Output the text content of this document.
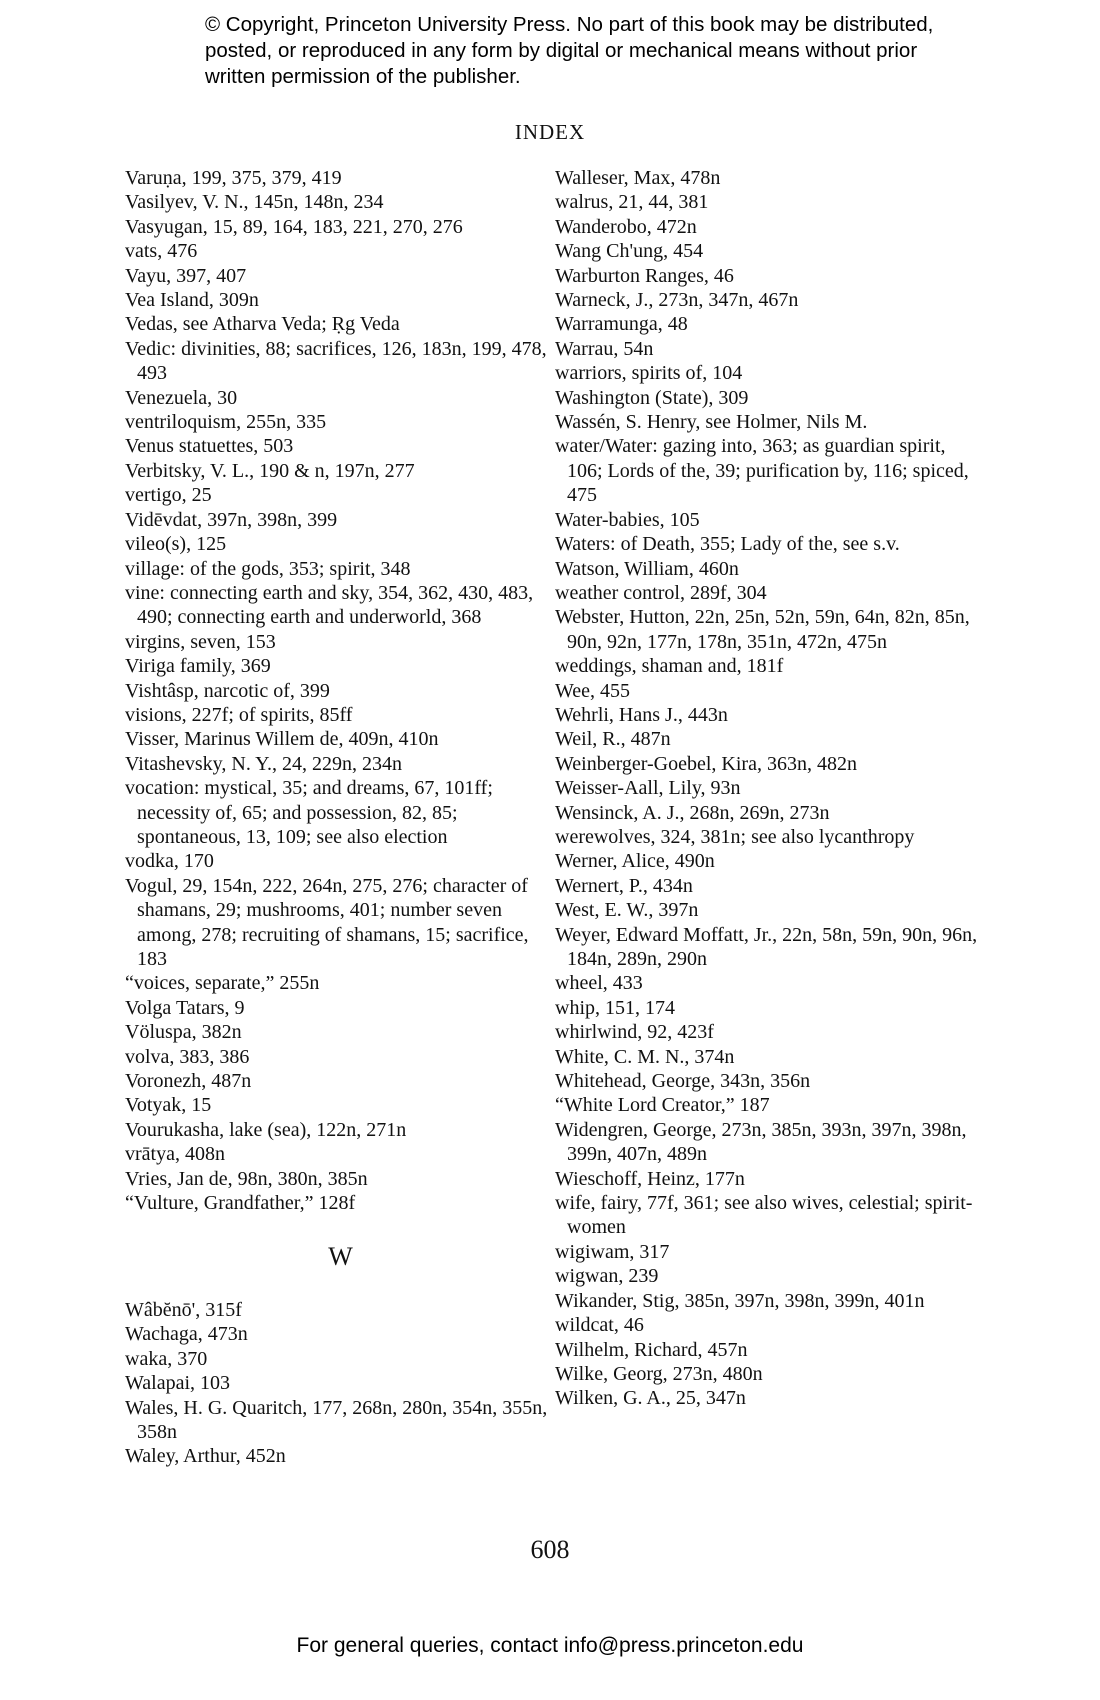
© Copyright, Princeton University Press. No part of this book may be distributed, posted, or reproduced in any form by digital or mechanical means without prior written permission of the publisher.
INDEX
Varuṇa, 199, 375, 379, 419
Vasilyev, V. N., 145n, 148n, 234
Vasyugan, 15, 89, 164, 183, 221, 270, 276
vats, 476
Vayu, 397, 407
Vea Island, 309n
Vedas, see Atharva Veda; Ṛg Veda
Vedic: divinities, 88; sacrifices, 126, 183n, 199, 478, 493
Venezuela, 30
ventriloquism, 255n, 335
Venus statuettes, 503
Verbitsky, V. L., 190 & n, 197n, 277
vertigo, 25
Vidēvdat, 397n, 398n, 399
vileo(s), 125
village: of the gods, 353; spirit, 348
vine: connecting earth and sky, 354, 362, 430, 483, 490; connecting earth and underworld, 368
virgins, seven, 153
Viriga family, 369
Vishtâsp, narcotic of, 399
visions, 227f; of spirits, 85ff
Visser, Marinus Willem de, 409n, 410n
Vitashevsky, N. Y., 24, 229n, 234n
vocation: mystical, 35; and dreams, 67, 101ff; necessity of, 65; and possession, 82, 85; spontaneous, 13, 109; see also election
vodka, 170
Vogul, 29, 154n, 222, 264n, 275, 276; character of shamans, 29; mushrooms, 401; number seven among, 278; recruiting of shamans, 15; sacrifice, 183
“voices, separate,” 255n
Volga Tatars, 9
Völuspa, 382n
volva, 383, 386
Voronezh, 487n
Votyak, 15
Vourukasha, lake (sea), 122n, 271n
vrātya, 408n
Vries, Jan de, 98n, 380n, 385n
“Vulture, Grandfather,” 128f
W
Wâbĕnō', 315f
Wachaga, 473n
waka, 370
Walapai, 103
Wales, H. G. Quaritch, 177, 268n, 280n, 354n, 355n, 358n
Waley, Arthur, 452n
Walleser, Max, 478n
walrus, 21, 44, 381
Wanderobo, 472n
Wang Ch'ung, 454
Warburton Ranges, 46
Warneck, J., 273n, 347n, 467n
Warramunga, 48
Warrau, 54n
warriors, spirits of, 104
Washington (State), 309
Wassén, S. Henry, see Holmer, Nils M.
water/Water: gazing into, 363; as guardian spirit, 106; Lords of the, 39; purification by, 116; spiced, 475
Water-babies, 105
Waters: of Death, 355; Lady of the, see s.v.
Watson, William, 460n
weather control, 289f, 304
Webster, Hutton, 22n, 25n, 52n, 59n, 64n, 82n, 85n, 90n, 92n, 177n, 178n, 351n, 472n, 475n
weddings, shaman and, 181f
Wee, 455
Wehrli, Hans J., 443n
Weil, R., 487n
Weinberger-Goebel, Kira, 363n, 482n
Weisser-Aall, Lily, 93n
Wensinck, A. J., 268n, 269n, 273n
werewolves, 324, 381n; see also lycanthropy
Werner, Alice, 490n
Wernert, P., 434n
West, E. W., 397n
Weyer, Edward Moffatt, Jr., 22n, 58n, 59n, 90n, 96n, 184n, 289n, 290n
wheel, 433
whip, 151, 174
whirlwind, 92, 423f
White, C. M. N., 374n
Whitehead, George, 343n, 356n
“White Lord Creator,” 187
Widengren, George, 273n, 385n, 393n, 397n, 398n, 399n, 407n, 489n
Wieschoff, Heinz, 177n
wife, fairy, 77f, 361; see also wives, celestial; spirit-women
wigiwam, 317
wigwan, 239
Wikander, Stig, 385n, 397n, 398n, 399n, 401n
wildcat, 46
Wilhelm, Richard, 457n
Wilke, Georg, 273n, 480n
Wilken, G. A., 25, 347n
608
For general queries, contact info@press.princeton.edu
